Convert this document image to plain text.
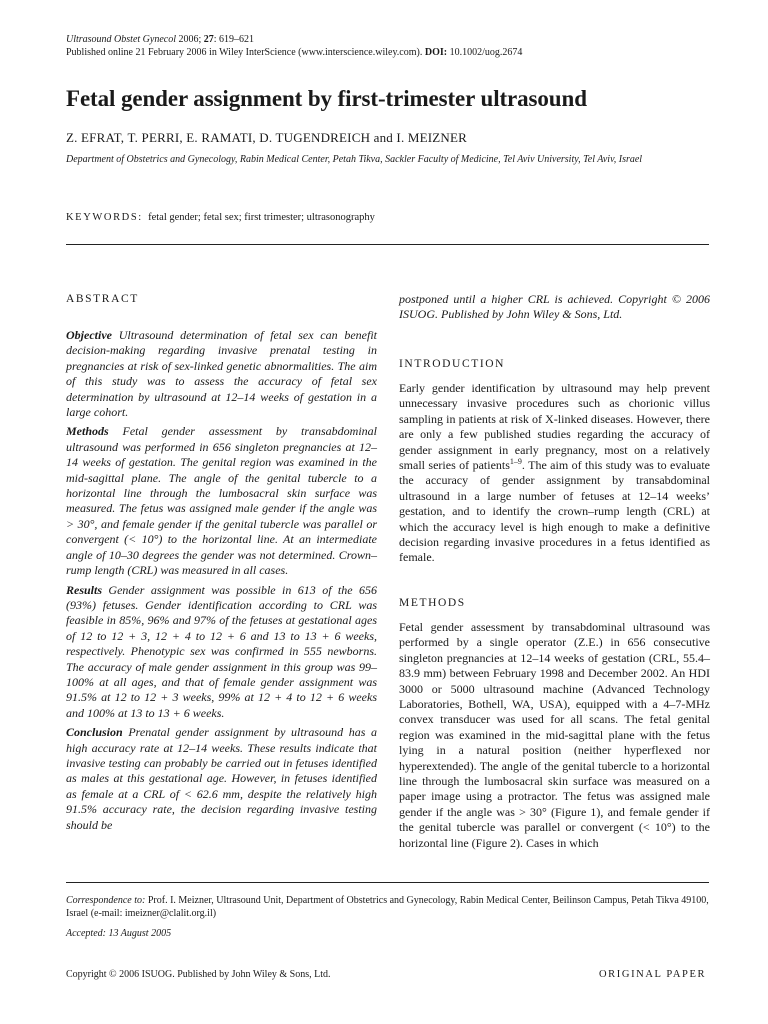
Ultrasound Obstet Gynecol 2006; 27: 619–621
Published online 21 February 2006 in Wiley InterScience (www.interscience.wiley.com). DOI: 10.1002/uog.2674
Fetal gender assignment by first-trimester ultrasound
Z. EFRAT, T. PERRI, E. RAMATI, D. TUGENDREICH and I. MEIZNER
Department of Obstetrics and Gynecology, Rabin Medical Center, Petah Tikva, Sackler Faculty of Medicine, Tel Aviv University, Tel Aviv, Israel
KEYWORDS: fetal gender; fetal sex; first trimester; ultrasonography
ABSTRACT

Objective Ultrasound determination of fetal sex can benefit decision-making regarding invasive prenatal testing in pregnancies at risk of sex-linked genetic abnormalities. The aim of this study was to assess the accuracy of fetal sex determination by ultrasound at 12–14 weeks of gestation in a large cohort.

Methods Fetal gender assessment by transabdominal ultrasound was performed in 656 singleton pregnancies at 12–14 weeks of gestation. The genital region was examined in the mid-sagittal plane. The angle of the genital tubercle to a horizontal line through the lumbosacral skin surface was measured. The fetus was assigned male gender if the angle was > 30°, and female gender if the genital tubercle was parallel or convergent (< 10°) to the horizontal line. At an intermediate angle of 10–30 degrees the gender was not determined. Crown–rump length (CRL) was measured in all cases.

Results Gender assignment was possible in 613 of the 656 (93%) fetuses. Gender identification according to CRL was feasible in 85%, 96% and 97% of the fetuses at gestational ages of 12 to 12 + 3, 12 + 4 to 12 + 6 and 13 to 13 + 6 weeks, respectively. Phenotypic sex was confirmed in 555 newborns. The accuracy of male gender assignment in this group was 99–100% at all ages, and that of female gender assignment was 91.5% at 12 to 12 + 3 weeks, 99% at 12 + 4 to 12 + 6 weeks and 100% at 13 to 13 + 6 weeks.

Conclusion Prenatal gender assignment by ultrasound has a high accuracy rate at 12–14 weeks. These results indicate that invasive testing can probably be carried out in fetuses identified as males at this gestational age. However, in fetuses identified as female at a CRL of < 62.6 mm, despite the relatively high 91.5% accuracy rate, the decision regarding invasive testing should be

postponed until a higher CRL is achieved. Copyright © 2006 ISUOG. Published by John Wiley & Sons, Ltd.

INTRODUCTION

Early gender identification by ultrasound may help prevent unnecessary invasive procedures such as chorionic villus sampling in patients at risk of X-linked diseases. However, there are only a few published studies regarding the accuracy of gender assignment in early pregnancy, most on a relatively small series of patients$^{1-9}$. The aim of this study was to evaluate the accuracy of gender assignment by transabdominal ultrasound in a large number of fetuses at 12–14 weeks’ gestation, and to identify the crown–rump length (CRL) at which the accuracy level is high enough to make a definitive decision regarding invasive procedures in a fetus identified as female.

METHODS

Fetal gender assessment by transabdominal ultrasound was performed by a single operator (Z.E.) in 656 consecutive singleton pregnancies at 12–14 weeks of gestation (CRL, 55.4–83.9 mm) between February 1998 and December 2002. An HDI 3000 or 5000 ultrasound machine (Advanced Technology Laboratories, Bothell, WA, USA), equipped with a 4–7-MHz convex transducer was used for all scans. The fetal genital region was examined in the mid-sagittal plane with the fetus lying in a natural position (neither hyperflexed nor hyperextended). The angle of the genital tubercle to a horizontal line through the lumbosacral skin surface was measured on a paper image using a protractor. The fetus was assigned male gender if the angle was > 30° (Figure 1), and female gender if the genital tubercle was parallel or convergent (< 10°) to the horizontal line (Figure 2). Cases in which

Correspondence to: Prof. I. Meizner, Ultrasound Unit, Department of Obstetrics and Gynecology, Rabin Medical Center, Beilinson Campus, Petah Tikva 49100, Israel (e-mail: imeizner@clalit.org.il)
Accepted: 13 August 2005
Copyright © 2006 ISUOG. Published by John Wiley & Sons, Ltd.	ORIGINAL PAPER
